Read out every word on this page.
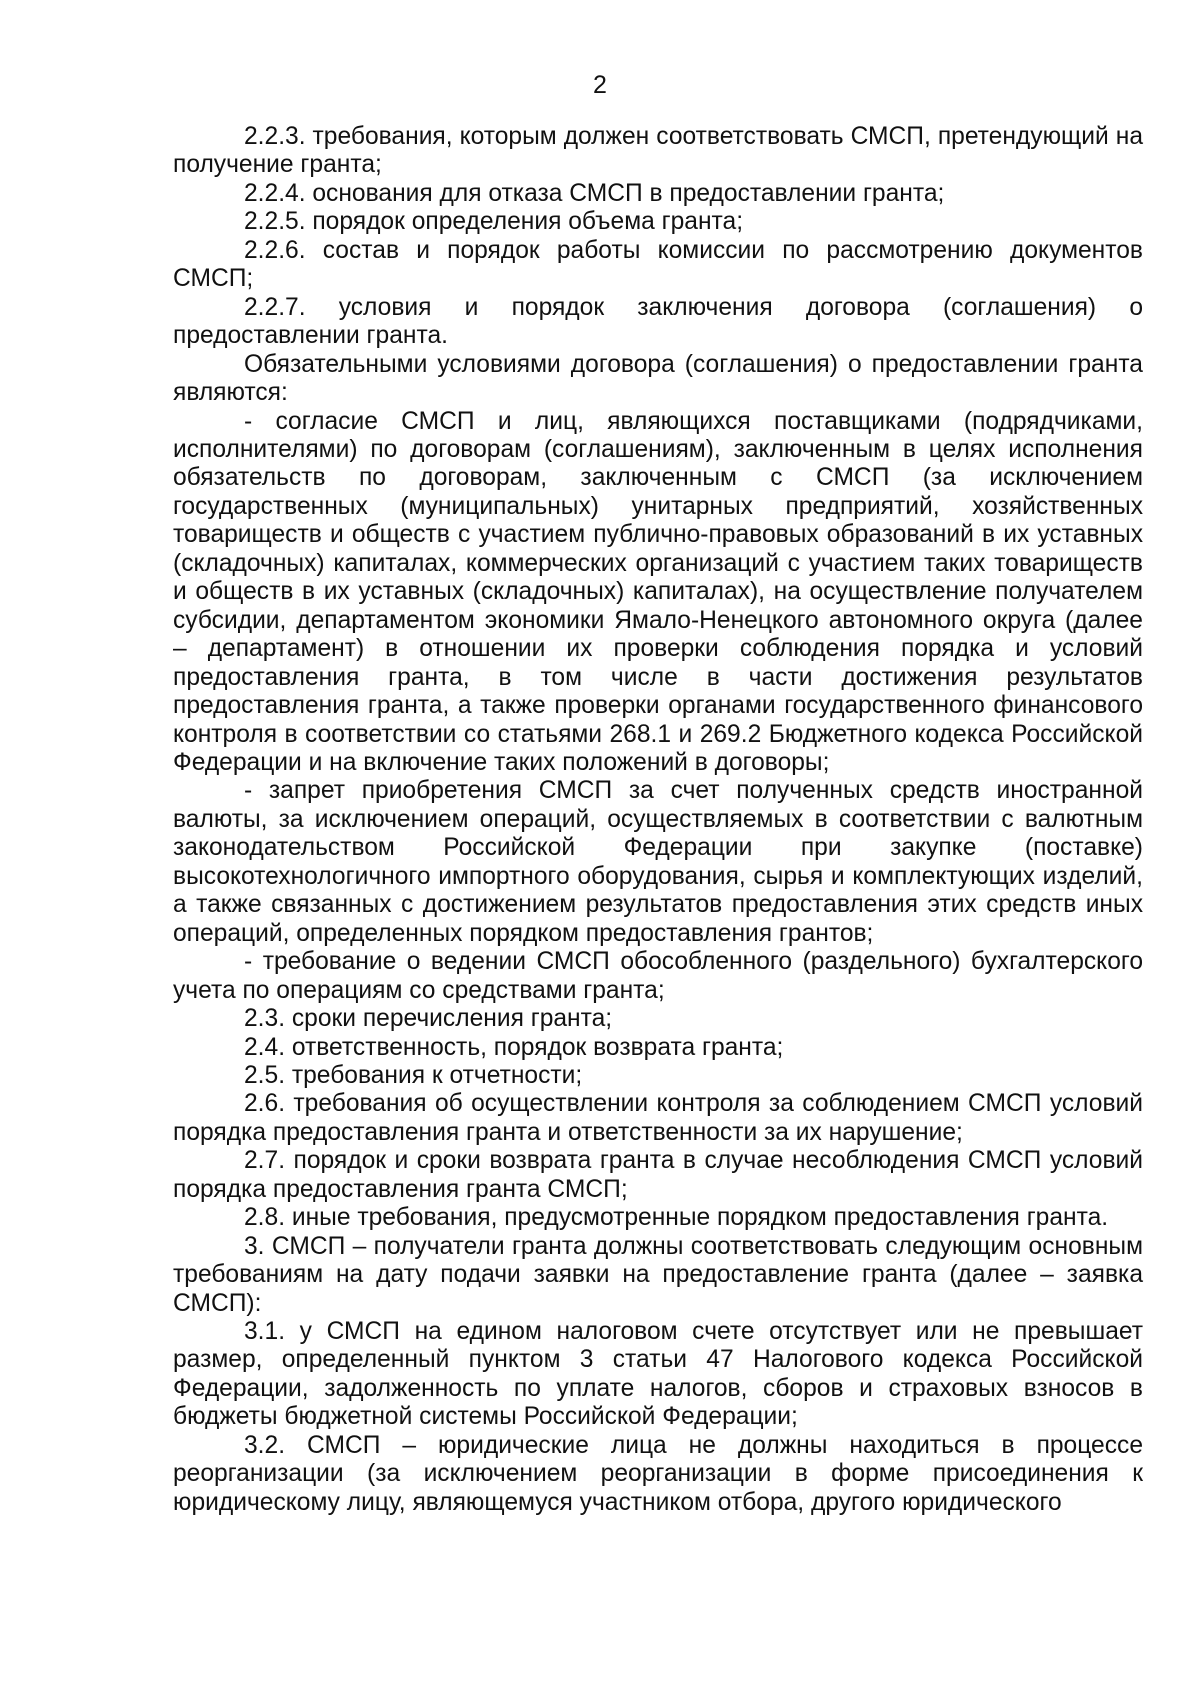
2

2.2.3. требования, которым должен соответствовать СМСП, претендующий на получение гранта;

2.2.4. основания для отказа СМСП в предоставлении гранта;

2.2.5. порядок определения объема гранта;

2.2.6. состав и порядок работы комиссии по рассмотрению документов СМСП;

2.2.7. условия и порядок заключения договора (соглашения) о предоставлении гранта.

Обязательными условиями договора (соглашения) о предоставлении гранта являются:

- согласие СМСП и лиц, являющихся поставщиками (подрядчиками, исполнителями) по договорам (соглашениям), заключенным в целях исполнения обязательств по договорам, заключенным с СМСП (за исключением государственных (муниципальных) унитарных предприятий, хозяйственных товариществ и обществ с участием публично-правовых образований в их уставных (складочных) капиталах, коммерческих организаций с участием таких товариществ и обществ в их уставных (складочных) капиталах), на осуществление получателем субсидии, департаментом экономики Ямало-Ненецкого автономного округа (далее – департамент) в отношении их проверки соблюдения порядка и условий предоставления гранта, в том числе в части достижения результатов предоставления гранта, а также проверки органами государственного финансового контроля в соответствии со статьями 268.1 и 269.2 Бюджетного кодекса Российской Федерации и на включение таких положений в договоры;

- запрет приобретения СМСП за счет полученных средств иностранной валюты, за исключением операций, осуществляемых в соответствии с валютным законодательством Российской Федерации при закупке (поставке) высокотехнологичного импортного оборудования, сырья и комплектующих изделий, а также связанных с достижением результатов предоставления этих средств иных операций, определенных порядком предоставления грантов;

- требование о ведении СМСП обособленного (раздельного) бухгалтерского учета по операциям со средствами гранта;

2.3. сроки перечисления гранта;

2.4. ответственность, порядок возврата гранта;

2.5. требования к отчетности;

2.6. требования об осуществлении контроля за соблюдением СМСП условий порядка предоставления гранта и ответственности за их нарушение;

2.7. порядок и сроки возврата гранта в случае несоблюдения СМСП условий порядка предоставления гранта СМСП;

2.8. иные требования, предусмотренные порядком предоставления гранта.

3. СМСП – получатели гранта должны соответствовать следующим основным требованиям на дату подачи заявки на предоставление гранта (далее – заявка СМСП):

3.1. у СМСП на едином налоговом счете отсутствует или не превышает размер, определенный пунктом 3 статьи 47 Налогового кодекса Российской Федерации, задолженность по уплате налогов, сборов и страховых взносов в бюджеты бюджетной системы Российской Федерации;

3.2. СМСП – юридические лица не должны находиться в процессе реорганизации (за исключением реорганизации в форме присоединения к юридическому лицу, являющемуся участником отбора, другого юридического
